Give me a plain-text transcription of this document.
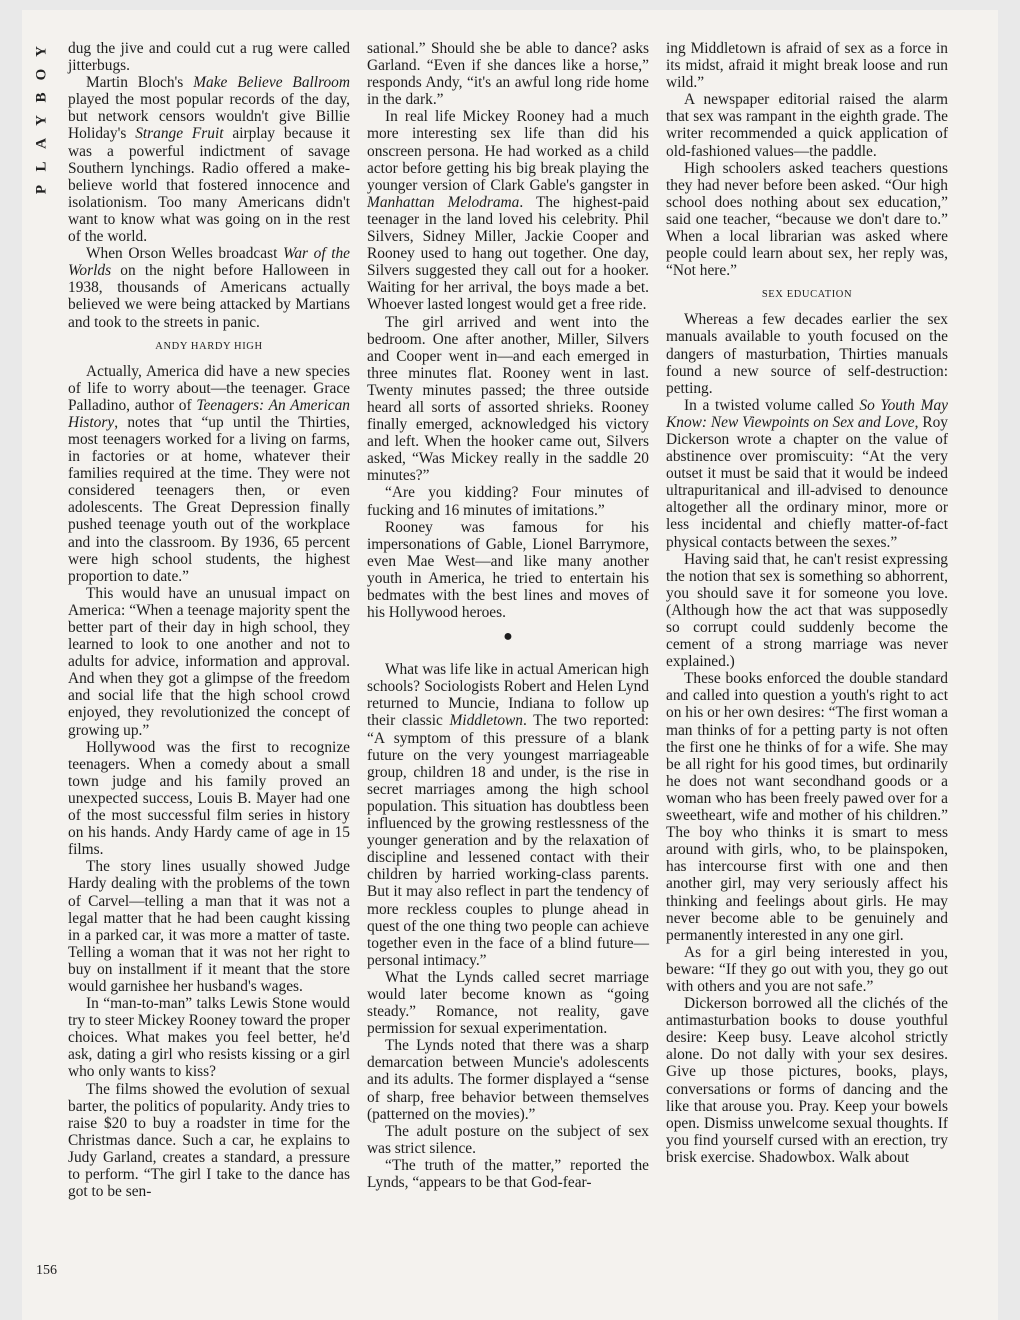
Y
O
B
Y
A
L
P

dug the jive and could cut a rug were called jitterbugs.

Martin Bloch's Make Believe Ballroom played the most popular records of the day, but network censors wouldn't give Billie Holiday's Strange Fruit airplay because it was a powerful indictment of savage Southern lynchings. Radio offered a make-believe world that fostered innocence and isolationism. Too many Americans didn't want to know what was going on in the rest of the world.

When Orson Welles broadcast War of the Worlds on the night before Halloween in 1938, thousands of Americans actually believed we were being attacked by Martians and took to the streets in panic.

ANDY HARDY HIGH

Actually, America did have a new species of life to worry about—the teenager. Grace Palladino, author of Teenagers: An American History, notes that “up until the Thirties, most teenagers worked for a living on farms, in factories or at home, whatever their families required at the time. They were not considered teenagers then, or even adolescents. The Great Depression finally pushed teenage youth out of the workplace and into the classroom. By 1936, 65 percent were high school students, the highest proportion to date.”

This would have an unusual impact on America: “When a teenage majority spent the better part of their day in high school, they learned to look to one another and not to adults for advice, information and approval. And when they got a glimpse of the freedom and social life that the high school crowd enjoyed, they revolutionized the concept of growing up.”

Hollywood was the first to recognize teenagers. When a comedy about a small town judge and his family proved an unexpected success, Louis B. Mayer had one of the most successful film series in history on his hands. Andy Hardy came of age in 15 films.

The story lines usually showed Judge Hardy dealing with the problems of the town of Carvel—telling a man that it was not a legal matter that he had been caught kissing in a parked car, it was more a matter of taste. Telling a woman that it was not her right to buy on installment if it meant that the store would garnishee her husband's wages.

In “man-to-man” talks Lewis Stone would try to steer Mickey Rooney toward the proper choices. What makes you feel better, he'd ask, dating a girl who resists kissing or a girl who only wants to kiss?

The films showed the evolution of sexual barter, the politics of popularity. Andy tries to raise $20 to buy a roadster in time for the Christmas dance. Such a car, he explains to Judy Garland, creates a standard, a pressure to perform. “The girl I take to the dance has got to be sen-

sational.” Should she be able to dance? asks Garland. “Even if she dances like a horse,” responds Andy, “it's an awful long ride home in the dark.”

In real life Mickey Rooney had a much more interesting sex life than did his onscreen persona. He had worked as a child actor before getting his big break playing the younger version of Clark Gable's gangster in Manhattan Melodrama. The highest-paid teenager in the land loved his celebrity. Phil Silvers, Sidney Miller, Jackie Cooper and Rooney used to hang out together. One day, Silvers suggested they call out for a hooker. Waiting for her arrival, the boys made a bet. Whoever lasted longest would get a free ride.

The girl arrived and went into the bedroom. One after another, Miller, Silvers and Cooper went in—and each emerged in three minutes flat. Rooney went in last. Twenty minutes passed; the three outside heard all sorts of assorted shrieks. Rooney finally emerged, acknowledged his victory and left. When the hooker came out, Silvers asked, “Was Mickey really in the saddle 20 minutes?”

“Are you kidding? Four minutes of fucking and 16 minutes of imitations.”

Rooney was famous for his impersonations of Gable, Lionel Barrymore, even Mae West—and like many another youth in America, he tried to entertain his bedmates with the best lines and moves of his Hollywood heroes.

●

What was life like in actual American high schools? Sociologists Robert and Helen Lynd returned to Muncie, Indiana to follow up their classic Middletown. The two reported: “A symptom of this pressure of a blank future on the very youngest marriageable group, children 18 and under, is the rise in secret marriages among the high school population. This situation has doubtless been influenced by the growing restlessness of the younger generation and by the relaxation of discipline and lessened contact with their children by harried working-class parents. But it may also reflect in part the tendency of more reckless couples to plunge ahead in quest of the one thing two people can achieve together even in the face of a blind future—personal intimacy.”

What the Lynds called secret marriage would later become known as “going steady.” Romance, not reality, gave permission for sexual experimentation.

The Lynds noted that there was a sharp demarcation between Muncie's adolescents and its adults. The former displayed a “sense of sharp, free behavior between themselves (patterned on the movies).”

The adult posture on the subject of sex was strict silence.

“The truth of the matter,” reported the Lynds, “appears to be that God-fear-

ing Middletown is afraid of sex as a force in its midst, afraid it might break loose and run wild.”

A newspaper editorial raised the alarm that sex was rampant in the eighth grade. The writer recommended a quick application of old-fashioned values—the paddle.

High schoolers asked teachers questions they had never before been asked. “Our high school does nothing about sex education,” said one teacher, “because we don't dare to.” When a local librarian was asked where people could learn about sex, her reply was, “Not here.”

SEX EDUCATION

Whereas a few decades earlier the sex manuals available to youth focused on the dangers of masturbation, Thirties manuals found a new source of self-destruction: petting.

In a twisted volume called So Youth May Know: New Viewpoints on Sex and Love, Roy Dickerson wrote a chapter on the value of abstinence over promiscuity: “At the very outset it must be said that it would be indeed ultrapuritanical and ill-advised to denounce altogether all the ordinary minor, more or less incidental and chiefly matter-of-fact physical contacts between the sexes.”

Having said that, he can't resist expressing the notion that sex is something so abhorrent, you should save it for someone you love. (Although how the act that was supposedly so corrupt could suddenly become the cement of a strong marriage was never explained.)

These books enforced the double standard and called into question a youth's right to act on his or her own desires: “The first woman a man thinks of for a petting party is not often the first one he thinks of for a wife. She may be all right for his good times, but ordinarily he does not want secondhand goods or a woman who has been freely pawed over for a sweetheart, wife and mother of his children.” The boy who thinks it is smart to mess around with girls, who, to be plainspoken, has intercourse first with one and then another girl, may very seriously affect his thinking and feelings about girls. He may never become able to be genuinely and permanently interested in any one girl.

As for a girl being interested in you, beware: “If they go out with you, they go out with others and you are not safe.”

Dickerson borrowed all the clichés of the antimasturbation books to douse youthful desire: Keep busy. Leave alcohol strictly alone. Do not dally with your sex desires. Give up those pictures, books, plays, conversations or forms of dancing and the like that arouse you. Pray. Keep your bowels open. Dismiss unwelcome sexual thoughts. If you find yourself cursed with an erection, try brisk exercise. Shadowbox. Walk about

156
